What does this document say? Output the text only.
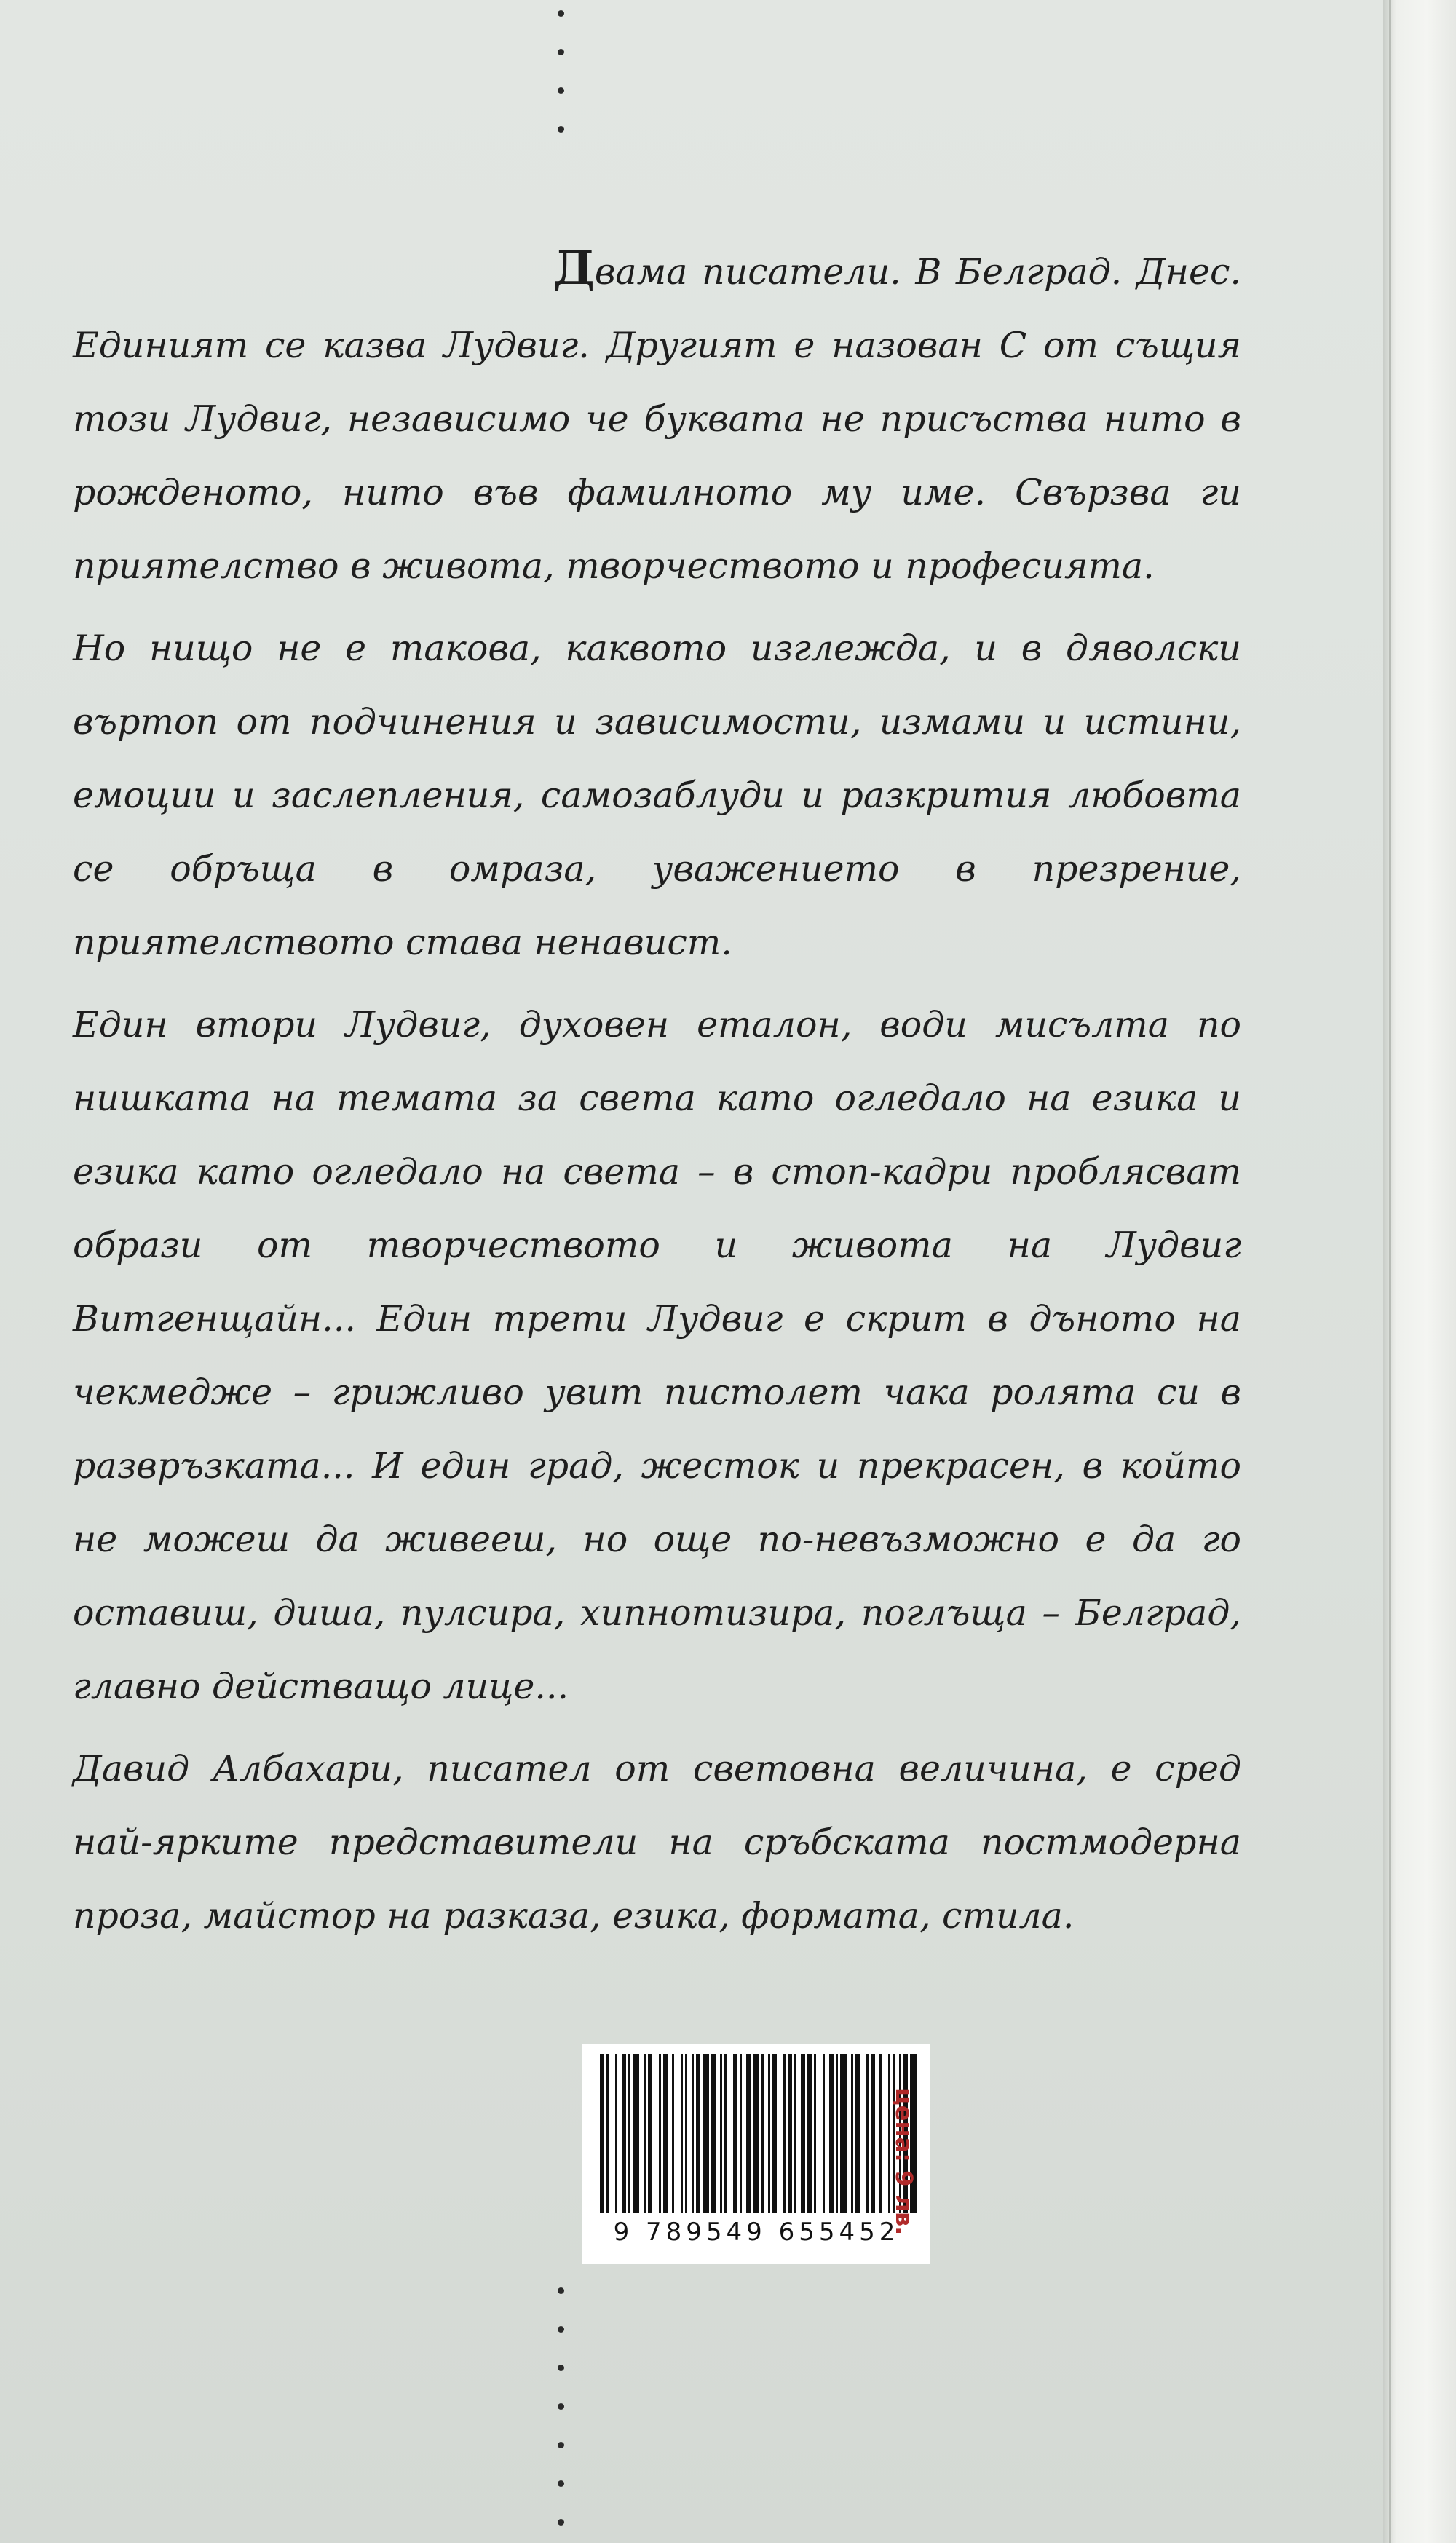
Двама писатели. В Белград. Днес. Единият се казва Лудвиг. Другият е назован С от същия този Лудвиг, независимо че буквата не присъства нито в рожденото, нито във фамилното му име. Свързва ги приятелство в живота, творчеството и професията.

Но нищо не е такова, каквото изглежда, и в дяволски въртоп от подчинения и зависимости, измами и истини, емоции и заслепления, самозаблуди и разкрития любовта се обръща в омраза, уважението в презрение, приятелството става ненавист.

Един втори Лудвиг, духовен еталон, води мисълта по нишката на темата за света като огледало на езика и езика като огледало на света – в стоп-кадри проблясват образи от творчеството и живота на Лудвиг Витгенщайн... Един трети Лудвиг е скрит в дъното на чекмедже – грижливо увит пистолет чака ролята си в развръзката... И един град, жесток и прекрасен, в който не можеш да живееш, но още по-невъзможно е да го оставиш, диша, пулсира, хипнотизира, поглъща – Белград, главно действащо лице...

Давид Албахари, писател от световна величина, е сред най-ярките представители на сръбската постмодерна проза, майстор на разказа, езика, формата, стила.

9 789549 655452
цена: 9 лв.
